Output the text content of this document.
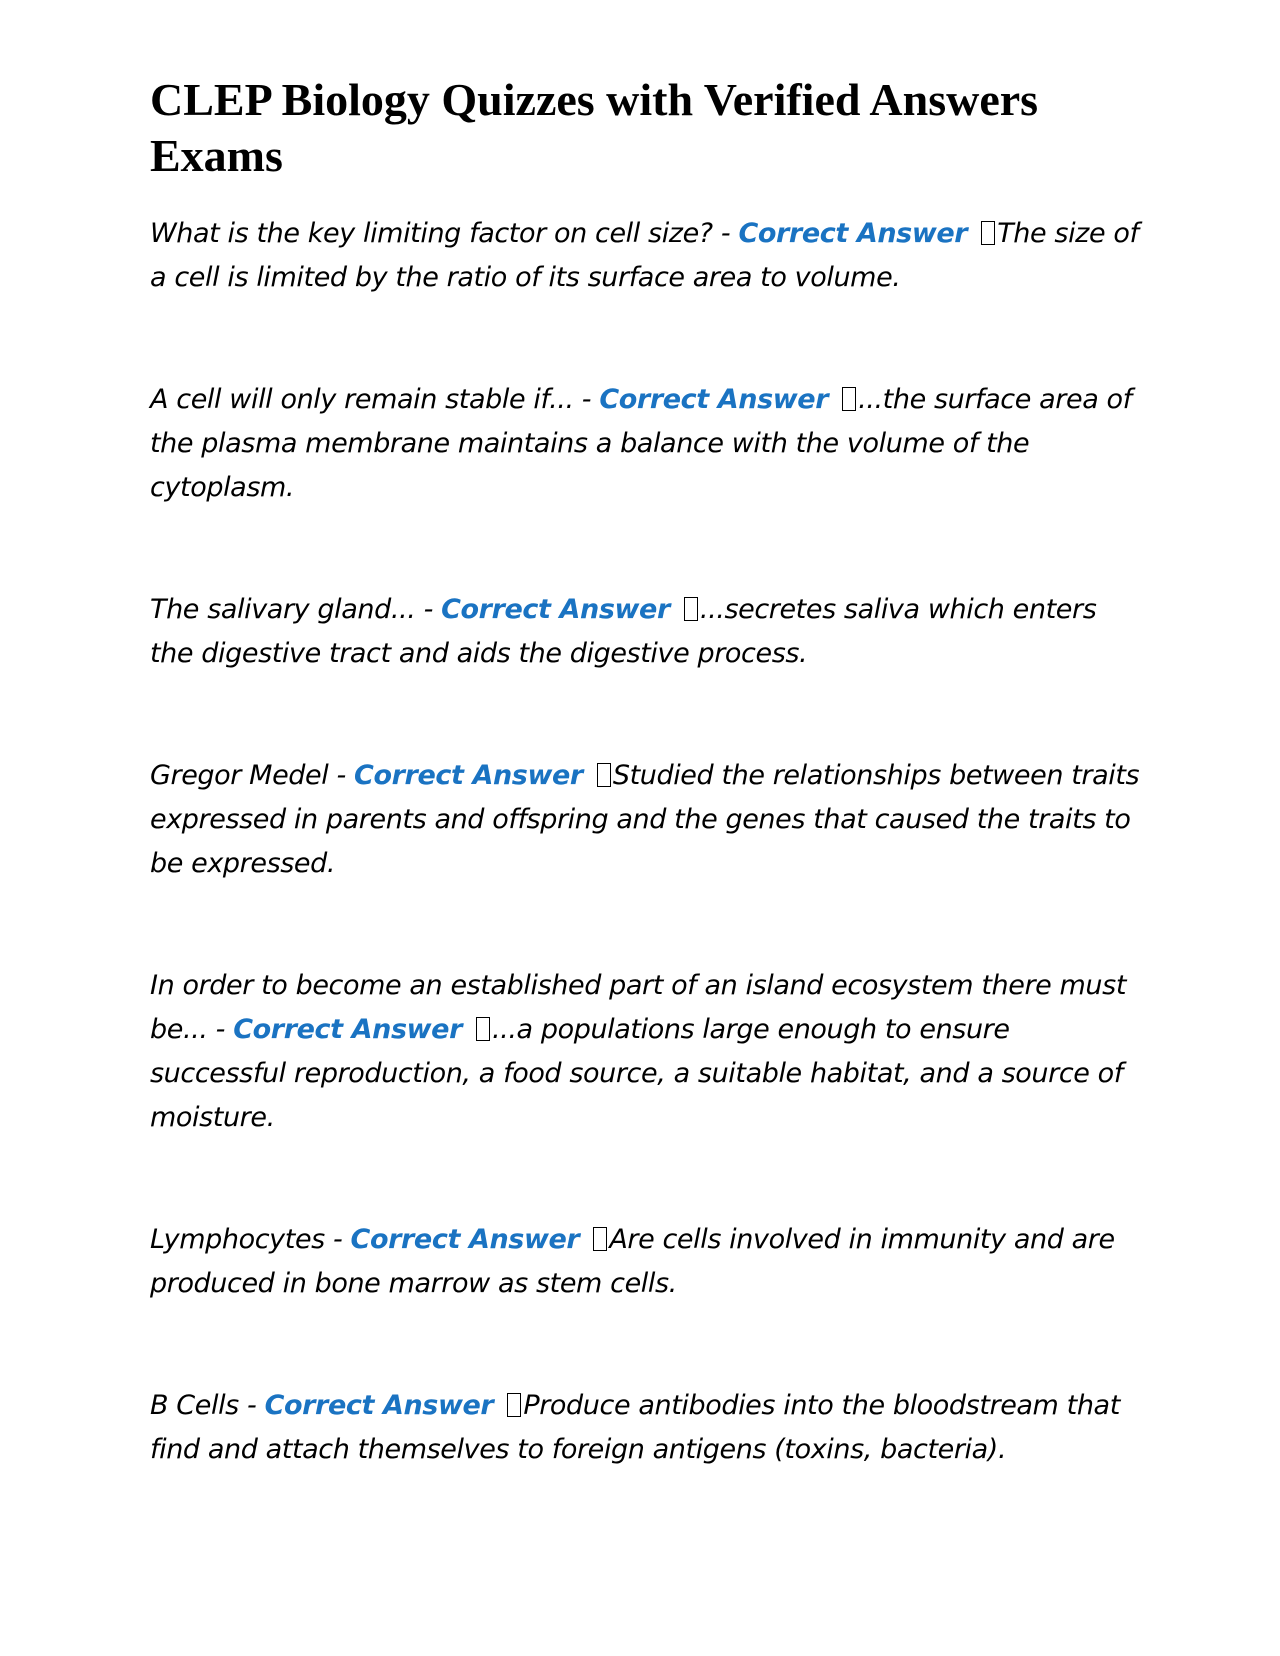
CLEP Biology Quizzes with Verified Answers Exams

What is the key limiting factor on cell size? - Correct Answer The size of a cell is limited by the ratio of its surface area to volume.

A cell will only remain stable if... - Correct Answer ...the surface area of the plasma membrane maintains a balance with the volume of the cytoplasm.

The salivary gland... - Correct Answer ...secretes saliva which enters the digestive tract and aids the digestive process.

Gregor Medel - Correct Answer Studied the relationships between traits expressed in parents and offspring and the genes that caused the traits to be expressed.

In order to become an established part of an island ecosystem there must be... - Correct Answer ...a populations large enough to ensure successful reproduction, a food source, a suitable habitat, and a source of moisture.

Lymphocytes - Correct Answer Are cells involved in immunity and are produced in bone marrow as stem cells.

B Cells - Correct Answer Produce antibodies into the bloodstream that find and attach themselves to foreign antigens (toxins, bacteria).
